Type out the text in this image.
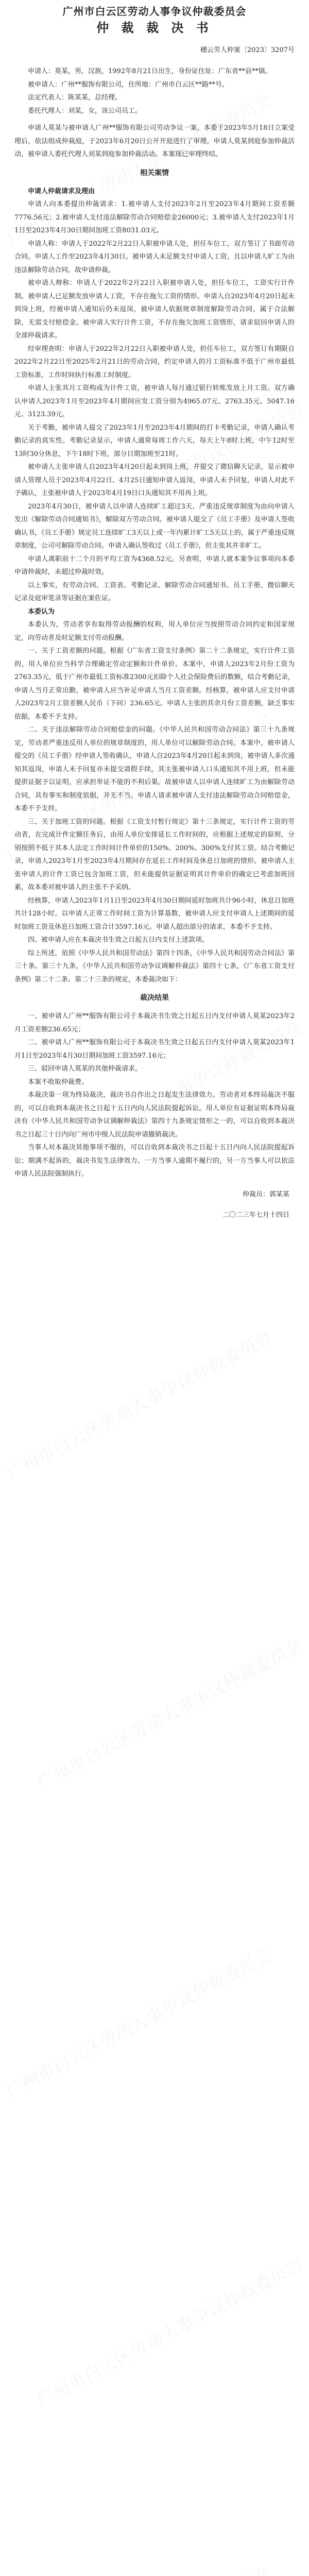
广州市白云区劳动人事争议仲裁委员会
仲 裁 裁 决 书
穗云劳人仲案〔2023〕3207号

申请人：莫某，男，汉族，1992年8月21日出生，身份证住址：广东省**县**镇。

被申请人：广州**服饰有限公司，住所地：广州市白云区**路**号。

法定代表人：陈某某，总经理。

委托代理人：刘某，女，该公司员工。

申请人莫某与被申请人广州**服饰有限公司劳动争议一案，本委于2023年5月18日立案受理后，依法组成仲裁庭，于2023年6月20日公开开庭进行了审理。申请人莫某到庭参加仲裁活动，被申请人委托代理人刘某到庭参加仲裁活动。本案现已审理终结。

相关案情
申请人仲裁请求及理由

申请人向本委提出仲裁请求：1.被申请人支付2023年2月至2023年4月期间工资差额7776.56元；2.被申请人支付违法解除劳动合同赔偿金26000元；3.被申请人支付2023年1月1日至2023年4月30日期间加班工资8031.03元。

申请人称：申请人于2022年2月22日入职被申请人处，担任车位工，双方签订了书面劳动合同。申请人工作至2023年4月30日。被申请人未足额支付申请人工资，且以申请人旷工为由违法解除劳动合同，故申请仲裁。

被申请人辩称：申请人于2022年2月22日入职被申请人处，担任车位工，工资实行计件制。被申请人已足额发放申请人工资，不存在拖欠工资的情形。申请人自2023年4月20日起未到岗上班，经被申请人通知后仍未返岗，被申请人依据规章制度解除劳动合同，属于合法解除，无需支付赔偿金。被申请人实行计件工资，不存在拖欠加班工资情形，请求驳回申请人的全部仲裁请求。

经审理查明：申请人于2022年2月22日入职被申请人处，担任车位工，双方签订有期限自2022年2月22日至2025年2月21日的劳动合同，约定申请人的月工资标准不低于广州市最低工资标准，工作时间执行标准工时制度。

申请人主张其月工资构成为计件工资，被申请人每月通过银行转账发放上月工资。双方确认申请人2023年1月至2023年4月期间应发工资分别为4965.07元、2763.35元、5047.16元、3123.39元。

关于考勤，被申请人提交了2023年1月至2023年4月期间的打卡考勤记录，申请人确认考勤记录的真实性。考勤记录显示，申请人通常每周工作六天，每天上午8时上班，中午12时至13时30分休息，下午18时下班，部分日期加班至21时。

被申请人主张申请人自2023年4月20日起未到岗上班，并提交了微信聊天记录，显示被申请人管理人员于2023年4月22日、4月25日通知申请人返岗，申请人未予回复。申请人对此不予确认，主张被申请人于2023年4月19日口头通知其不用再上班。

2023年4月30日，被申请人以申请人连续旷工超过3天、严重违反规章制度为由向申请人发出《解除劳动合同通知书》，解除双方劳动合同。被申请人提交了《员工手册》及申请人签收确认书，《员工手册》规定员工连续旷工3天以上或一年内累计旷工5天以上的，属于严重违反规章制度，公司可解除劳动合同。申请人确认签收过《员工手册》，但主张其并非旷工。

申请人离职前十二个月的平均工资为4368.52元。另查明，申请人就本案争议事项向本委申请仲裁时，未超过仲裁时效。

以上事实，有劳动合同、工资表、考勤记录、解除劳动合同通知书、员工手册、微信聊天记录及庭审笔录等证据在案佐证。

本委认为

本委认为，劳动者享有取得劳动报酬的权利，用人单位应当按照劳动合同约定和国家规定，向劳动者及时足额支付劳动报酬。

一、关于工资差额的问题。根据《广东省工资支付条例》第二十二条规定，实行计件工资的，用人单位应当科学合理确定劳动定额和计件单价。本案中，申请人2023年2月份工资为2763.35元，低于广州市最低工资标准2300元扣除个人社会保险费后的数额，结合考勤记录，申请人当月正常出勤，被申请人应当补足申请人当月工资差额。经核算，被申请人应支付申请人2023年2月工资差额人民币（下同）236.65元。申请人主张的其余月份工资差额，缺乏事实依据，本委不予支持。

二、关于违法解除劳动合同赔偿金的问题。《中华人民共和国劳动合同法》第三十九条规定，劳动者严重违反用人单位的规章制度的，用人单位可以解除劳动合同。本案中，被申请人提交的《员工手册》经申请人签收确认，申请人自2023年4月20日起未到岗，被申请人多次通知其返岗，申请人未予回复亦未提交请假手续，其主张被申请人口头通知其不用上班，但未能提供证据予以证明，应承担举证不能的不利后果。故被申请人以申请人连续旷工为由解除劳动合同，具有事实和制度依据，并无不当。申请人请求被申请人支付违法解除劳动合同赔偿金，本委不予支持。

三、关于加班工资的问题。根据《工资支付暂行规定》第十三条规定，实行计件工资的劳动者，在完成计件定额任务后，由用人单位安排延长工作时间的，应根据上述规定的原则，分别按照不低于其本人法定工作时间计件单价的150%、200%、300%支付其工资。结合考勤记录，申请人2023年1月至2023年4月期间存在延长工作时间及休息日加班的情形。被申请人主张申请人的计件工资已包含加班工资，但未能提供证据证明其计件单价的确定已考虑加班因素，故本委对被申请人的主张不予采纳。

经核算，申请人2023年1月1日至2023年4月30日期间延时加班共计96小时，休息日加班共计128小时。以申请人正常工作时间工资为计算基数，被申请人应支付申请人上述期间的延时加班工资及休息日加班工资合计3597.16元。申请人超出部分的请求，本委不予支持。

四、被申请人应在本裁决书生效之日起五日内支付上述款项。

综上所述，依照《中华人民共和国劳动法》第四十四条，《中华人民共和国劳动合同法》第三十条、第三十九条，《中华人民共和国劳动争议调解仲裁法》第四十七条，《广东省工资支付条例》第二十二条、第二十三条的规定，本委裁决如下：

裁决结果

一、被申请人广州**服饰有限公司于本裁决书生效之日起五日内支付申请人莫某2023年2月工资差额236.65元；

二、被申请人广州**服饰有限公司于本裁决书生效之日起五日内支付申请人莫某2023年1月1日至2023年4月30日期间加班工资3597.16元；

三、驳回申请人莫某的其他仲裁请求。

本案不收取仲裁费。

本裁决第一项为终局裁决，裁决书自作出之日起发生法律效力。劳动者对本终局裁决不服的，可以自收到本裁决书之日起十五日内向人民法院提起诉讼。用人单位有证据证明本终局裁决有《中华人民共和国劳动争议调解仲裁法》第四十九条规定情形之一的，可以自收到本裁决书之日起三十日内向广州市中级人民法院申请撤销裁决。

当事人对本裁决其他事项不服的，可以自收到本裁决书之日起十五日内向人民法院提起诉讼；期满不起诉的，裁决书发生法律效力。一方当事人逾期不履行的，另一方当事人可以依法申请人民法院强制执行。

仲裁员：郭某某
二〇二三年七月十四日
